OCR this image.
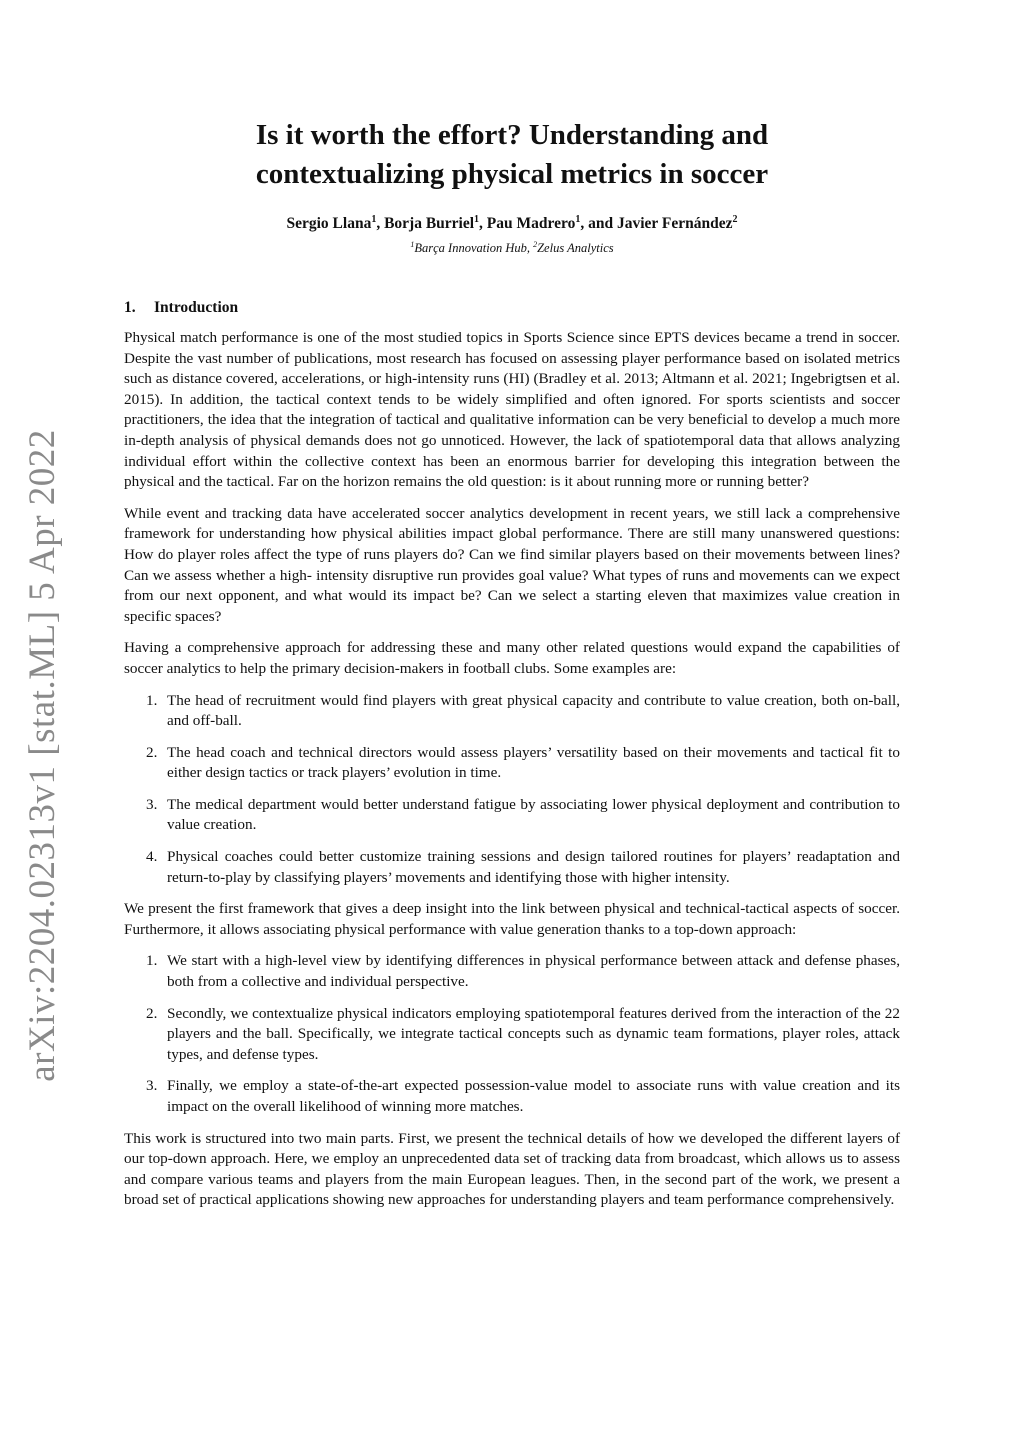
arXiv:2204.02313v1 [stat.ML] 5 Apr 2022
Is it worth the effort? Understanding and
contextualizing physical metrics in soccer
Sergio Llana$^1$, Borja Burriel$^1$, Pau Madrero$^1$, and Javier Fernández$^2$
$^1$Barça Innovation Hub, $^2$Zelus Analytics
1. Introduction

Physical match performance is one of the most studied topics in Sports Science since EPTS devices became a trend in soccer. Despite the vast number of publications, most research has focused on assessing player performance based on isolated metrics such as distance covered, accelerations, or high-intensity runs (HI) (Bradley et al. 2013; Altmann et al. 2021; Ingebrigtsen et al. 2015). In addition, the tactical context tends to be widely simplified and often ignored. For sports scientists and soccer practitioners, the idea that the integration of tactical and qualitative information can be very beneficial to develop a much more in-depth analysis of physical demands does not go unnoticed. However, the lack of spatiotemporal data that allows analyzing individual effort within the collective context has been an enormous barrier for developing this integration between the physical and the tactical. Far on the horizon remains the old question: is it about running more or running better?

While event and tracking data have accelerated soccer analytics development in recent years, we still lack a comprehensive framework for understanding how physical abilities impact global performance. There are still many unanswered questions: How do player roles affect the type of runs players do? Can we find similar players based on their movements between lines? Can we assess whether a high- intensity disruptive run provides goal value? What types of runs and movements can we expect from our next opponent, and what would its impact be? Can we select a starting eleven that maximizes value creation in specific spaces?

Having a comprehensive approach for addressing these and many other related questions would expand the capabilities of soccer analytics to help the primary decision-makers in football clubs. Some examples are:

1. The head of recruitment would find players with great physical capacity and contribute to value creation, both on-ball, and off-ball.
2. The head coach and technical directors would assess players’ versatility based on their movements and tactical fit to either design tactics or track players’ evolution in time.
3. The medical department would better understand fatigue by associating lower physical deployment and contribution to value creation.
4. Physical coaches could better customize training sessions and design tailored routines for players’ readaptation and return-to-play by classifying players’ movements and identifying those with higher intensity.

We present the first framework that gives a deep insight into the link between physical and technical-tactical aspects of soccer. Furthermore, it allows associating physical performance with value generation thanks to a top-down approach:

1. We start with a high-level view by identifying differences in physical performance between attack and defense phases, both from a collective and individual perspective.
2. Secondly, we contextualize physical indicators employing spatiotemporal features derived from the interaction of the 22 players and the ball. Specifically, we integrate tactical concepts such as dynamic team formations, player roles, attack types, and defense types.
3. Finally, we employ a state-of-the-art expected possession-value model to associate runs with value creation and its impact on the overall likelihood of winning more matches.

This work is structured into two main parts. First, we present the technical details of how we developed the different layers of our top-down approach. Here, we employ an unprecedented data set of tracking data from broadcast, which allows us to assess and compare various teams and players from the main European leagues. Then, in the second part of the work, we present a broad set of practical applications showing new approaches for understanding players and team performance comprehensively.
